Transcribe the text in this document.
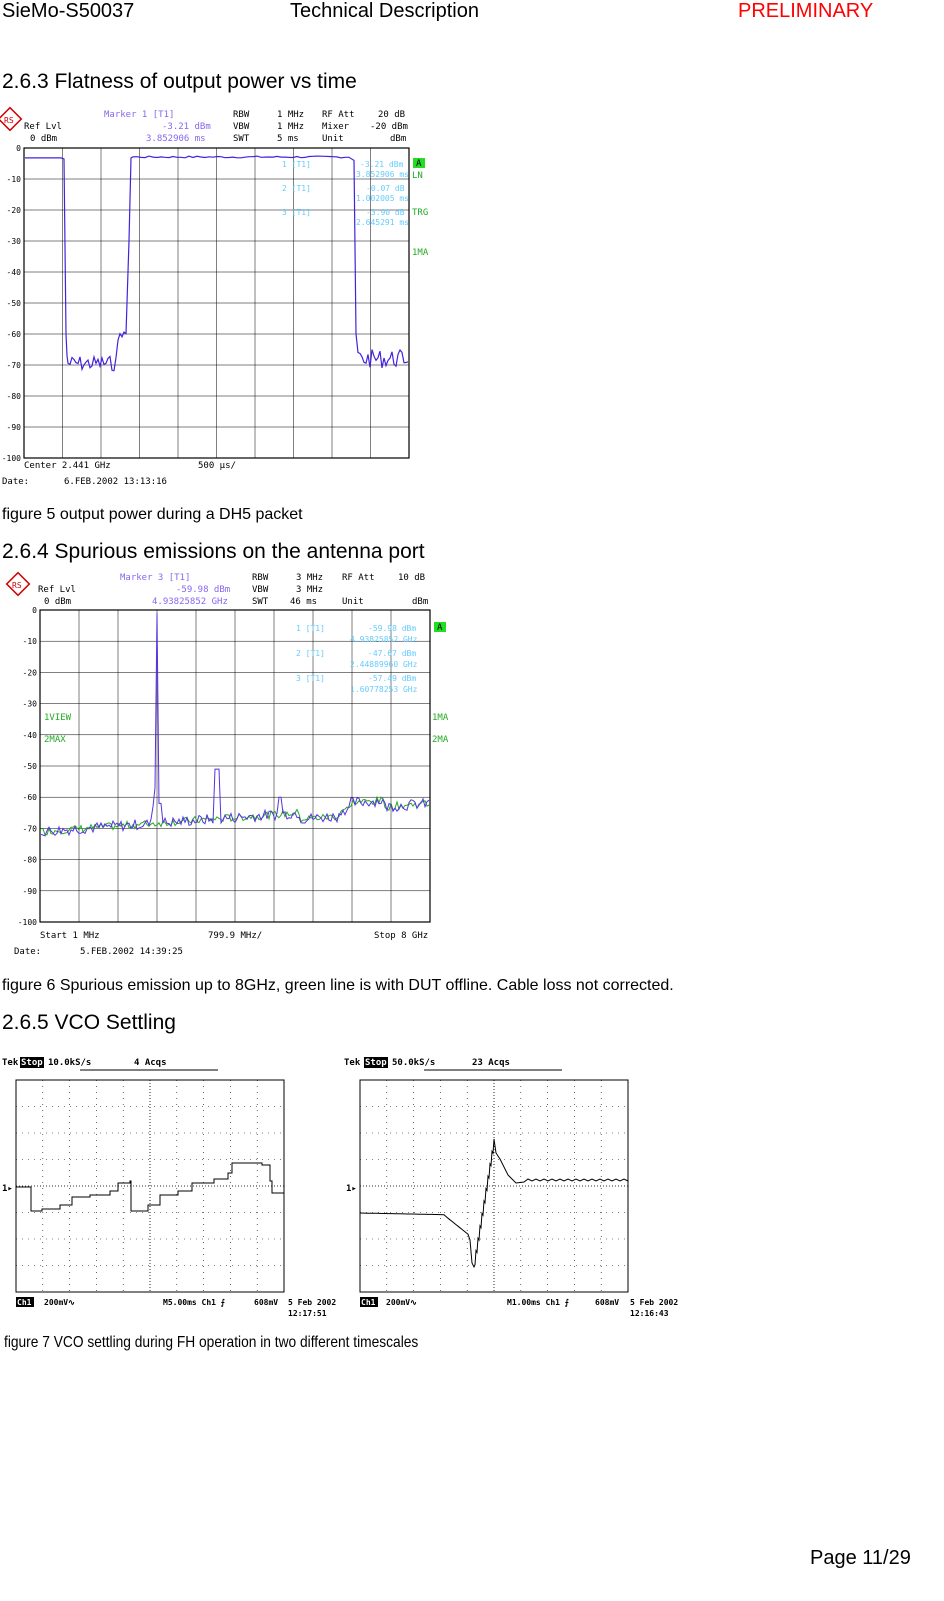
SieMo-S50037	Technical Description	PRELIMINARY
2.6.3 Flatness of output power vs time
RS
Ref Lvl
0 dBm
RBW	1 MHz
VBW	1 MHz
SWT	5 ms
RF Att	20 dB
Mixer -20 dBm
Unit	dBm
Marker 1 [T1]
-3.21 dBm
3.852906 ms
0
-10
-20
-30
-40
-50
-60
-70
-80
-90
-100
1 [T1]	-3.21 dBm
3.852906 ms
2 [T1]	-0.07 dB
1.002005 ms
3 [T1]	-3.90 dB
2.645291 ms
A
LN
TRG
1MA
Center 2.441 GHz	500 µs/
Date:	6.FEB.2002 13:13:16
figure 5 output power during a DH5 packet
2.6.4 Spurious emissions on the antenna port
RS Ref Lvl
0 dBm
RBW	3 MHz
VBW	3 MHz
SWT 46 ms
RF Att	10 dB
Unit	dBm
Marker 3 [T1]
-59.98 dBm
4.93825852 GHz
0
-10
-20
-30
-40
-50
-60
-70
-80
-90
-100
1 [T1]	-59.98 dBm
4.93825852 GHz
2 [T1]	-47.67 dBm
2.44889960 GHz
3 [T1]	-57.49 dBm
1.60778253 GHz
A
1VIEW
2MAX
1MA
2MA
Start 1 MHz	799.9 MHz/	Stop 8 GHz
Date:	5.FEB.2002 14:39:25
figure 6 Spurious emission up to 8GHz, green line is with DUT offline. Cable loss not corrected.
2.6.5 VCO Settling
Tek Stop 10.0kS/s	4 Acqs
1▸
Ch1 200mV∿	M5.00ms Ch1 ⨍	608mV 5 Feb 2002
12:17:51
Tek Stop 50.0kS/s	23 Acqs
1▸
Ch1 200mV∿	M1.00ms Ch1 ⨍	608mV 5 Feb 2002
12:16:43
figure 7 VCO settling during FH operation in two different timescales
Page 11/29
